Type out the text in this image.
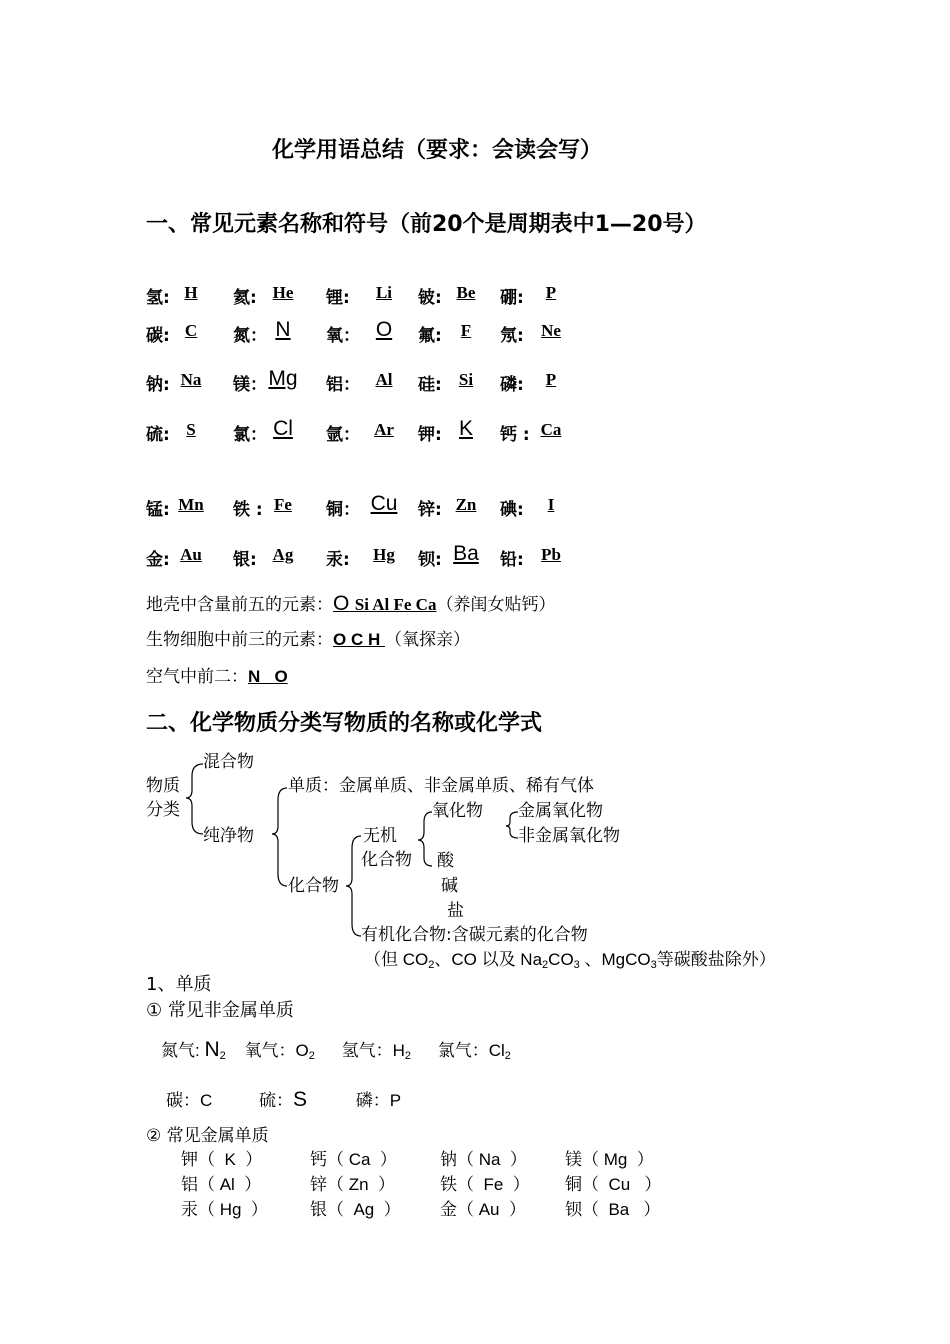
化学用语总结（要求：会读会写）
一、常见元素名称和符号（前20个是周期表中1—20号）
氢: H	氦: He	锂:	Li	铍: Be	硼:	P
碳: C	氮： N	氧： O	氟:	F	氖:	Ne
钠: Na	镁： Mg	铝： Al	硅:	Si	磷:	P
硫: S	氯： Cl	氩： Ar	钾: K	钙 : Ca
锰: Mn	铁 : Fe	铜： Cu	锌: Zn	碘:	I
金: Au	银: Ag	汞:	Hg	钡: Ba	铅:	Pb
地壳中含量前五的元素：O Si Al Fe Ca（养闺女贴钙）
生物细胞中前三的元素：O C H （氧探亲）
空气中前二：N   O
二、化学物质分类写物质的名称或化学式
物质
分类
混合物
纯净物
单质：金属单质、非金属单质、稀有气体
化合物
无机
化合物
氧化物 金属氧化物
非金属氧化物
酸
碱
盐
有机化合物:含碳元素的化合物
（但 $CO_2$、CO 以及 $Na_2CO_3$ 、MgCO$_3$等碳酸盐除外）
1、单质
① 常见非金属单质
氮气: $N_2$ 氧气：$O_2$ 氢气：$H_2$ 氯气：$Cl_2$
碳：C	硫：S	磷：P
② 常见金属单质
钾（  K  ）	钙（ Ca  ）	钠（ Na  ） 镁（ Mg  ）
铝（ Al  ）	锌（ Zn  ）	铁（  Fe  ） 铜（  Cu   ）
汞（ Hg  ） 银（  Ag  ） 金（ Au  ） 钡（  Ba   ）
